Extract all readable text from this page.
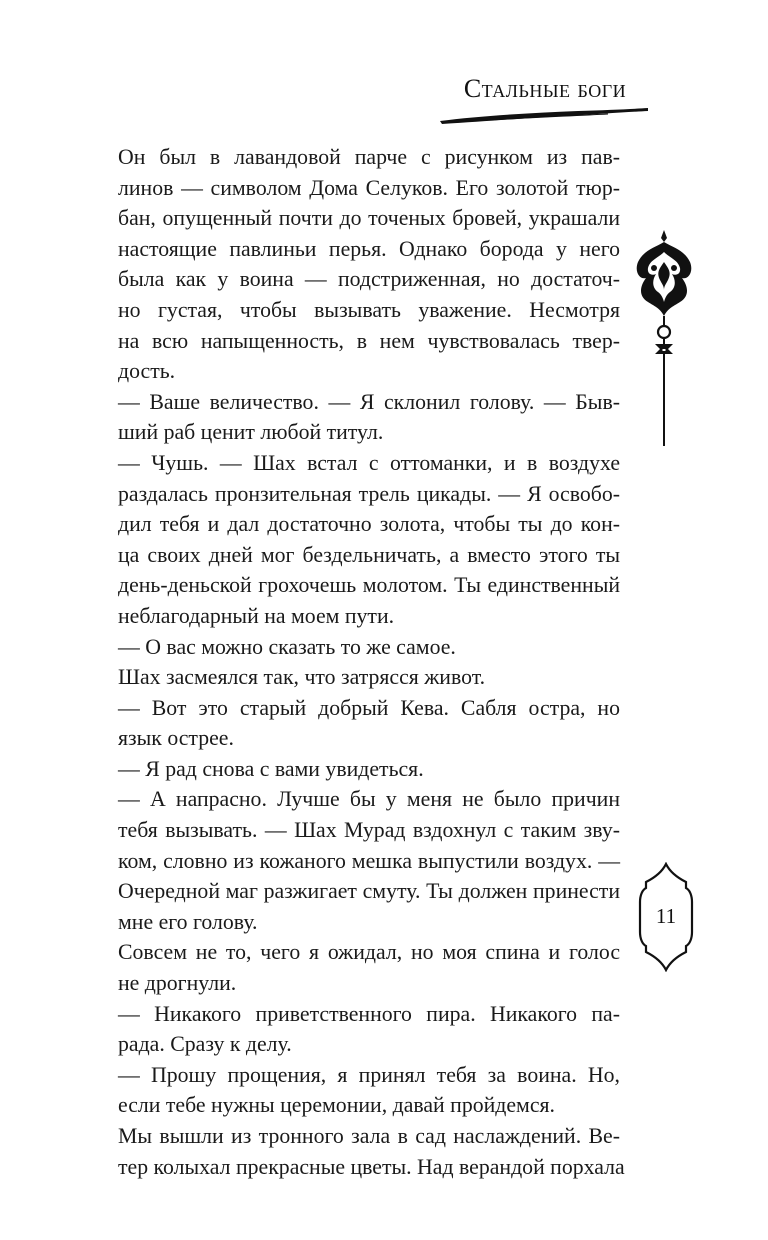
Стальные боги
11
Он был в лавандовой парче с рисунком из пав-
линов — символом Дома Селуков. Его золотой тюр-
бан, опущенный почти до точеных бровей, украшали
настоящие павлиньи перья. Однако борода у него
была как у воина — подстриженная, но достаточ-
но густая, чтобы вызывать уважение. Несмотря
на всю напыщенность, в нем чувствовалась твер-
дость.
— Ваше величество. — Я склонил голову. — Быв-
ший раб ценит любой титул.
— Чушь. — Шах встал с оттоманки, и в воздухе
раздалась пронзительная трель цикады. — Я освобо-
дил тебя и дал достаточно золота, чтобы ты до кон-
ца своих дней мог бездельничать, а вместо этого ты
день-деньской грохочешь молотом. Ты единственный
неблагодарный на моем пути.
— О вас можно сказать то же самое.
Шах засмеялся так, что затрясся живот.
— Вот это старый добрый Кева. Сабля остра, но
язык острее.
— Я рад снова с вами увидеться.
— А напрасно. Лучше бы у меня не было причин
тебя вызывать. — Шах Мурад вздохнул с таким зву-
ком, словно из кожаного мешка выпустили воздух. —
Очередной маг разжигает смуту. Ты должен принести
мне его голову.
Совсем не то, чего я ожидал, но моя спина и голос
не дрогнули.
— Никакого приветственного пира. Никакого па-
рада. Сразу к делу.
— Прошу прощения, я принял тебя за воина. Но,
если тебе нужны церемонии, давай пройдемся.
Мы вышли из тронного зала в сад наслаждений. Ве-
тер колыхал прекрасные цветы. Над верандой порхала
